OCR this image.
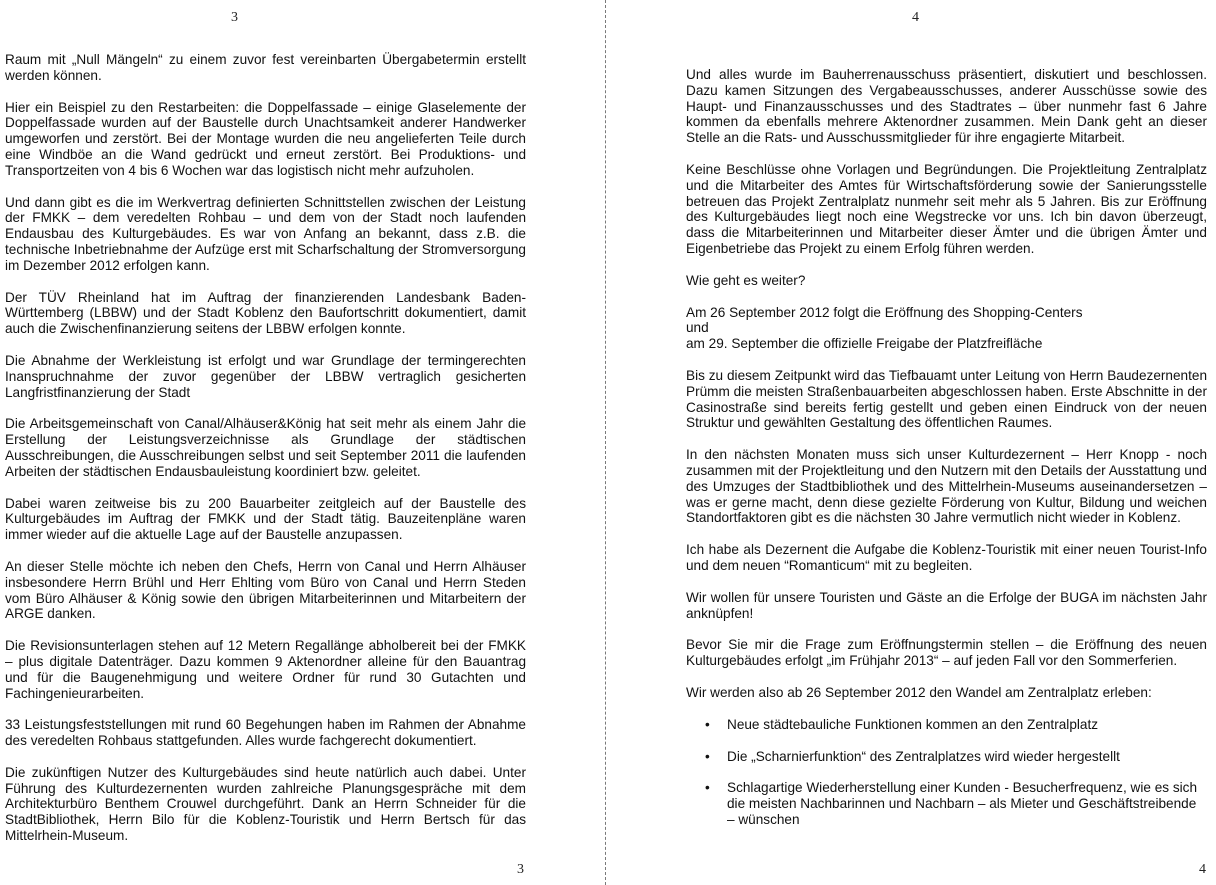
3

Raum mit „Null Mängeln“ zu einem zuvor fest vereinbarten Übergabetermin erstellt werden können.

Hier ein Beispiel zu den Restarbeiten: die Doppelfassade – einige Glaselemente der Doppelfassade wurden auf der Baustelle durch Unachtsamkeit anderer Handwerker umgeworfen und zerstört. Bei der Montage wurden die neu angelieferten Teile durch eine Windböe an die Wand gedrückt und erneut zerstört. Bei Produktions- und Transportzeiten von 4 bis 6 Wochen war das logistisch nicht mehr aufzuholen.

Und dann gibt es die im Werkvertrag definierten Schnittstellen zwischen der Leistung der FMKK – dem veredelten Rohbau – und dem von der Stadt noch laufenden Endausbau des Kulturgebäudes. Es war von Anfang an bekannt, dass z.B. die technische Inbetriebnahme der Aufzüge erst mit Scharfschaltung der Stromversorgung im Dezember 2012 erfolgen kann.

Der TÜV Rheinland hat im Auftrag der finanzierenden Landesbank Baden-Württemberg (LBBW) und der Stadt Koblenz den Baufortschritt dokumentiert, damit auch die Zwischenfinanzierung seitens der LBBW erfolgen konnte.

Die Abnahme der Werkleistung ist erfolgt und war Grundlage der termingerechten Inanspruchnahme der zuvor gegenüber der LBBW vertraglich gesicherten Langfristfinanzierung der Stadt

Die Arbeitsgemeinschaft von Canal/Alhäuser&König hat seit mehr als einem Jahr die Erstellung der Leistungsverzeichnisse als Grundlage der städtischen Ausschreibungen, die Ausschreibungen selbst und seit September 2011 die laufenden Arbeiten der städtischen Endausbauleistung koordiniert bzw. geleitet.

Dabei waren zeitweise bis zu 200 Bauarbeiter zeitgleich auf der Baustelle des Kulturgebäudes im Auftrag der FMKK und der Stadt tätig. Bauzeitenpläne waren immer wieder auf die aktuelle Lage auf der Baustelle anzupassen.

An dieser Stelle möchte ich neben den Chefs, Herrn von Canal und Herrn Alhäuser insbesondere Herrn Brühl und Herr Ehlting vom Büro von Canal und Herrn Steden vom Büro Alhäuser & König sowie den übrigen Mitarbeiterinnen und Mitarbeitern der ARGE danken.

Die Revisionsunterlagen stehen auf 12 Metern Regallänge abholbereit bei der FMKK – plus digitale Datenträger. Dazu kommen 9 Aktenordner alleine für den Bauantrag und für die Baugenehmigung und weitere Ordner für rund 30 Gutachten und Fachingenieurarbeiten.

33 Leistungsfeststellungen mit rund 60 Begehungen haben im Rahmen der Abnahme des veredelten Rohbaus stattgefunden. Alles wurde fachgerecht dokumentiert.

Die zukünftigen Nutzer des Kulturgebäudes sind heute natürlich auch dabei. Unter Führung des Kulturdezernenten wurden zahlreiche Planungsgespräche mit dem Architekturbüro Benthem Crouwel durchgeführt. Dank an Herrn Schneider für die StadtBibliothek, Herrn Bilo für die Koblenz-Touristik und Herrn Bertsch für das Mittelrhein-Museum.

3
4

Und alles wurde im Bauherrenausschuss präsentiert, diskutiert und beschlossen. Dazu kamen Sitzungen des Vergabeausschusses, anderer Ausschüsse sowie des Haupt- und Finanzausschusses und des Stadtrates – über nunmehr fast 6 Jahre kommen da ebenfalls mehrere Aktenordner zusammen. Mein Dank geht an dieser Stelle an die Rats- und Ausschussmitglieder für ihre engagierte Mitarbeit.

Keine Beschlüsse ohne Vorlagen und Begründungen. Die Projektleitung Zentralplatz und die Mitarbeiter des Amtes für Wirtschaftsförderung sowie der Sanierungsstelle betreuen das Projekt Zentralplatz nunmehr seit mehr als 5 Jahren. Bis zur Eröffnung des Kulturgebäudes liegt noch eine Wegstrecke vor uns. Ich bin davon überzeugt, dass die Mitarbeiterinnen und Mitarbeiter dieser Ämter und die übrigen Ämter und Eigenbetriebe das Projekt zu einem Erfolg führen werden.

Wie geht es weiter?

Am 26 September 2012 folgt die Eröffnung des Shopping-Centers

und

am 29. September die offizielle Freigabe der Platzfreifläche

Bis zu diesem Zeitpunkt wird das Tiefbauamt unter Leitung von Herrn Baudezernenten Prümm die meisten Straßenbauarbeiten abgeschlossen haben. Erste Abschnitte in der Casinostraße sind bereits fertig gestellt und geben einen Eindruck von der neuen Struktur und gewählten Gestaltung des öffentlichen Raumes.

In den nächsten Monaten muss sich unser Kulturdezernent – Herr Knopp - noch zusammen mit der Projektleitung und den Nutzern mit den Details der Ausstattung und des Umzuges der Stadtbibliothek und des Mittelrhein-Museums auseinandersetzen – was er gerne macht, denn diese gezielte Förderung von Kultur, Bildung und weichen Standortfaktoren gibt es die nächsten 30 Jahre vermutlich nicht wieder in Koblenz.

Ich habe als Dezernent die Aufgabe die Koblenz-Touristik mit einer neuen Tourist-Info und dem neuen “Romanticum“ mit zu begleiten.

Wir wollen für unsere Touristen und Gäste an die Erfolge der BUGA im nächsten Jahr anknüpfen!

Bevor Sie mir die Frage zum Eröffnungstermin stellen – die Eröffnung des neuen Kulturgebäudes erfolgt „im Frühjahr 2013“ – auf jeden Fall vor den Sommerferien.

Wir werden also ab 26 September 2012 den Wandel am Zentralplatz erleben:

• Neue städtebauliche Funktionen kommen an den Zentralplatz
• Die „Scharnierfunktion“ des Zentralplatzes wird wieder hergestellt
• Schlagartige Wiederherstellung einer Kunden - Besucherfrequenz, wie es sich die meisten Nachbarinnen und Nachbarn – als Mieter und Geschäftstreibende – wünschen
4
